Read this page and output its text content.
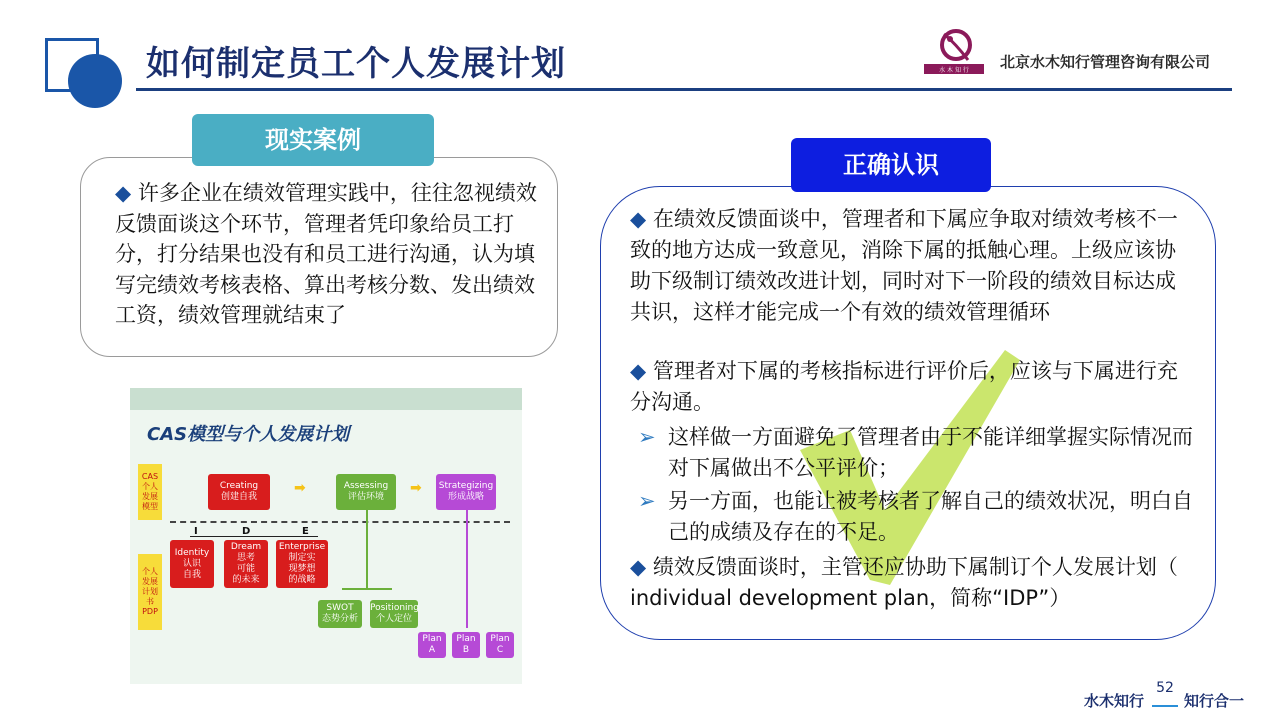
如何制定员工个人发展计划	水 木 知 行 北京水木知行管理咨询有限公司
现实案例
◆ 许多企业在绩效管理实践中，往往忽视绩效反馈面谈这个环节，管理者凭印象给员工打分，打分结果也没有和员工进行沟通，认为填写完绩效考核表格、算出考核分数、发出绩效工资，绩效管理就结束了
CAS 个人 发展 模型
个人 发展 计划 书 PDP
Creating
创建自我
➡	Assessing
评估环境
➡	Strategizing
形成战略
I	D	E
Identity
认识
自我
Dream
思考
可能
的未来
Enterprise
制定实
现梦想
的战略
SWOT
态势分析
Positioning
个人定位
Plan
A
Plan
B
Plan
C
CAS模型与个人发展计划
正确认识
◆ 在绩效反馈面谈中，管理者和下属应争取对绩效考核不一致的地方达成一致意见，消除下属的抵触心理。上级应该协助下级制订绩效改进计划，同时对下一阶段的绩效目标达成共识，这样才能完成一个有效的绩效管理循环
◆ 管理者对下属的考核指标进行评价后，应该与下属进行充分沟通。
➢ 这样做一方面避免了管理者由于不能详细掌握实际情况而对下属做出不公平评价；
➢ 另一方面，也能让被考核者了解自己的绩效状况，明白自己的成绩及存在的不足。
◆ 绩效反馈面谈时，主管还应协助下属制订个人发展计划（ individual development plan，简称“IDP”）
水木知行
52
知行合一
